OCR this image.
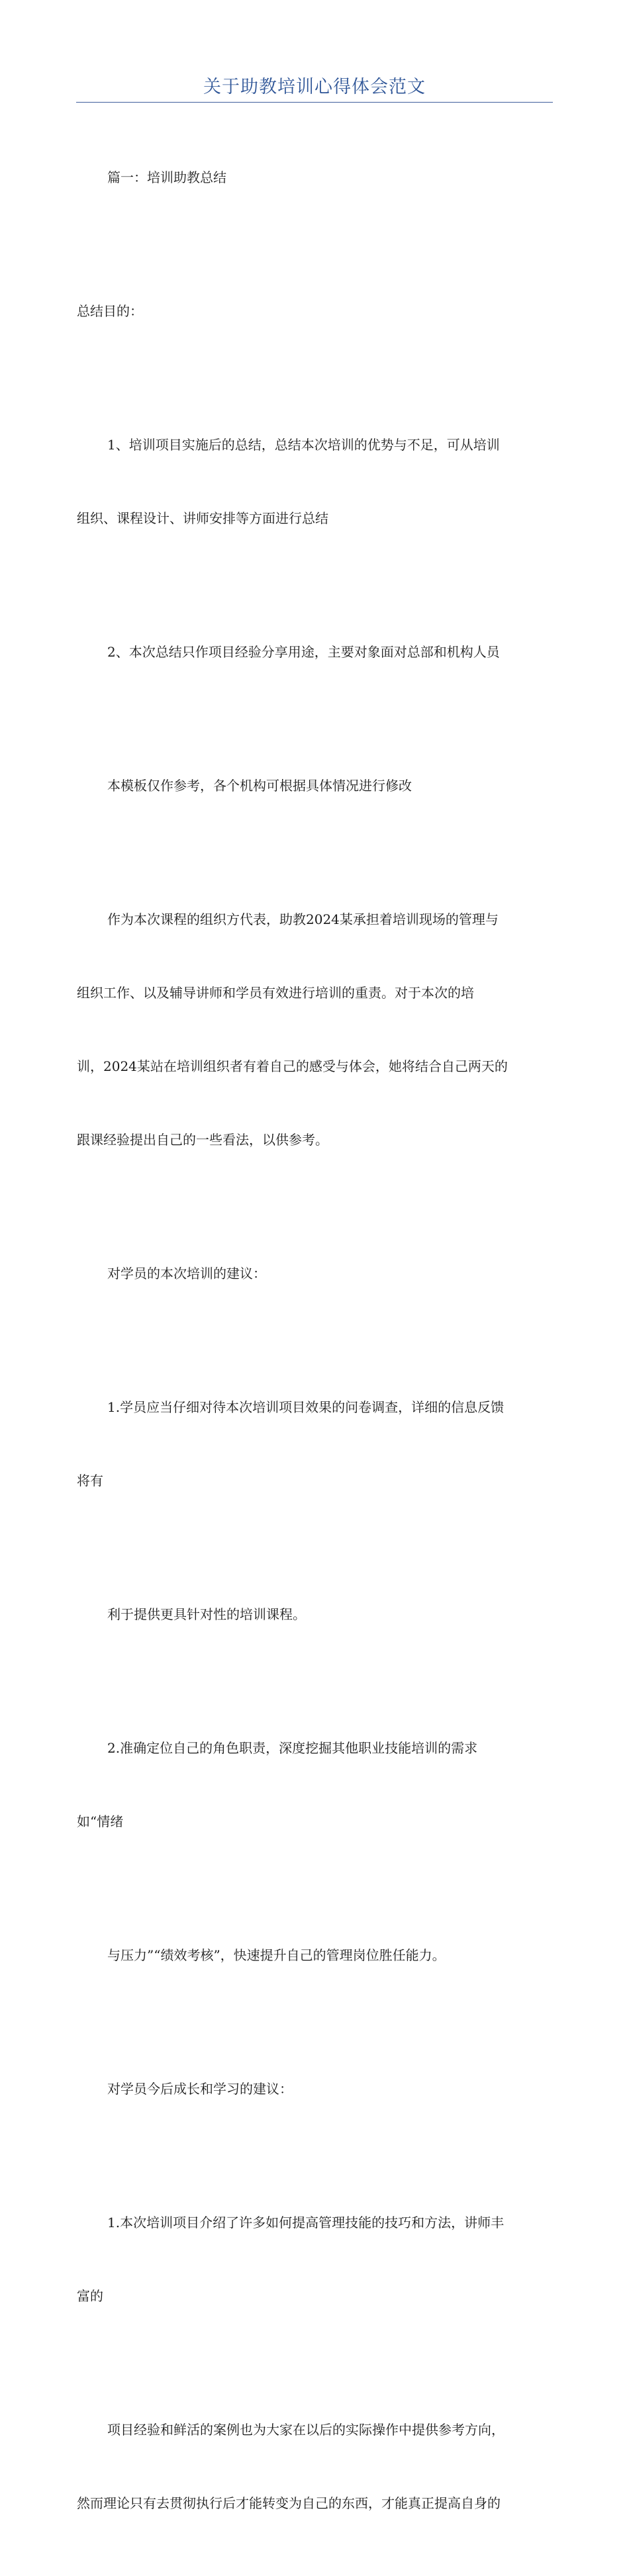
关于助教培训心得体会范文

篇一：培训助教总结

总结目的：

1、培训项目实施后的总结，总结本次培训的优势与不足，可从培训

组织、课程设计、讲师安排等方面进行总结

2、本次总结只作项目经验分享用途，主要对象面对总部和机构人员

本模板仅作参考，各个机构可根据具体情况进行修改

作为本次课程的组织方代表，助教2024某承担着培训现场的管理与

组织工作、以及辅导讲师和学员有效进行培训的重责。对于本次的培

训，2024某站在培训组织者有着自己的感受与体会，她将结合自己两天的

跟课经验提出自己的一些看法，以供参考。

对学员的本次培训的建议：

1.学员应当仔细对待本次培训项目效果的问卷调查，详细的信息反馈

将有

利于提供更具针对性的培训课程。

2.准确定位自己的角色职责，深度挖掘其他职业技能培训的需求

如“情绪

与压力”“绩效考核”，快速提升自己的管理岗位胜任能力。

对学员今后成长和学习的建议：

1.本次培训项目介绍了许多如何提高管理技能的技巧和方法，讲师丰

富的

项目经验和鲜活的案例也为大家在以后的实际操作中提供参考方向，

然而理论只有去贯彻执行后才能转变为自己的东西，才能真正提高自身的
